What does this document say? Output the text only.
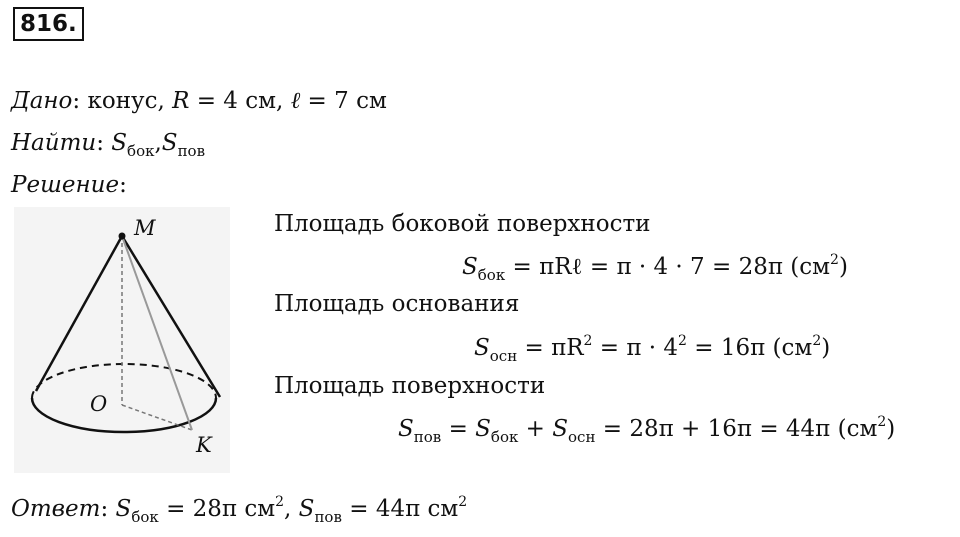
816.
Дано: конус, R = 4 см, ℓ = 7 см
Найти: $S_{бок},S_{пов}$
Решение:
M
O
K
Площадь боковой поверхности
$S_{бок}$ = πRℓ = π · 4 · 7 = 28π $(см^2)$
Площадь основания
$S_{осн} = \pi R^2 = \pi \cdot 4^2 = 16\pi$ $(см^2)$
Площадь поверхности
$S_{пов} = S_{бок} + S_{осн} = 28\pi + 16\pi = 44\pi$ $(см^2)$
Ответ: $S_{бок} = 28\pi$ $см^2$, $S_{пов} = 44\pi$ $см^2$
